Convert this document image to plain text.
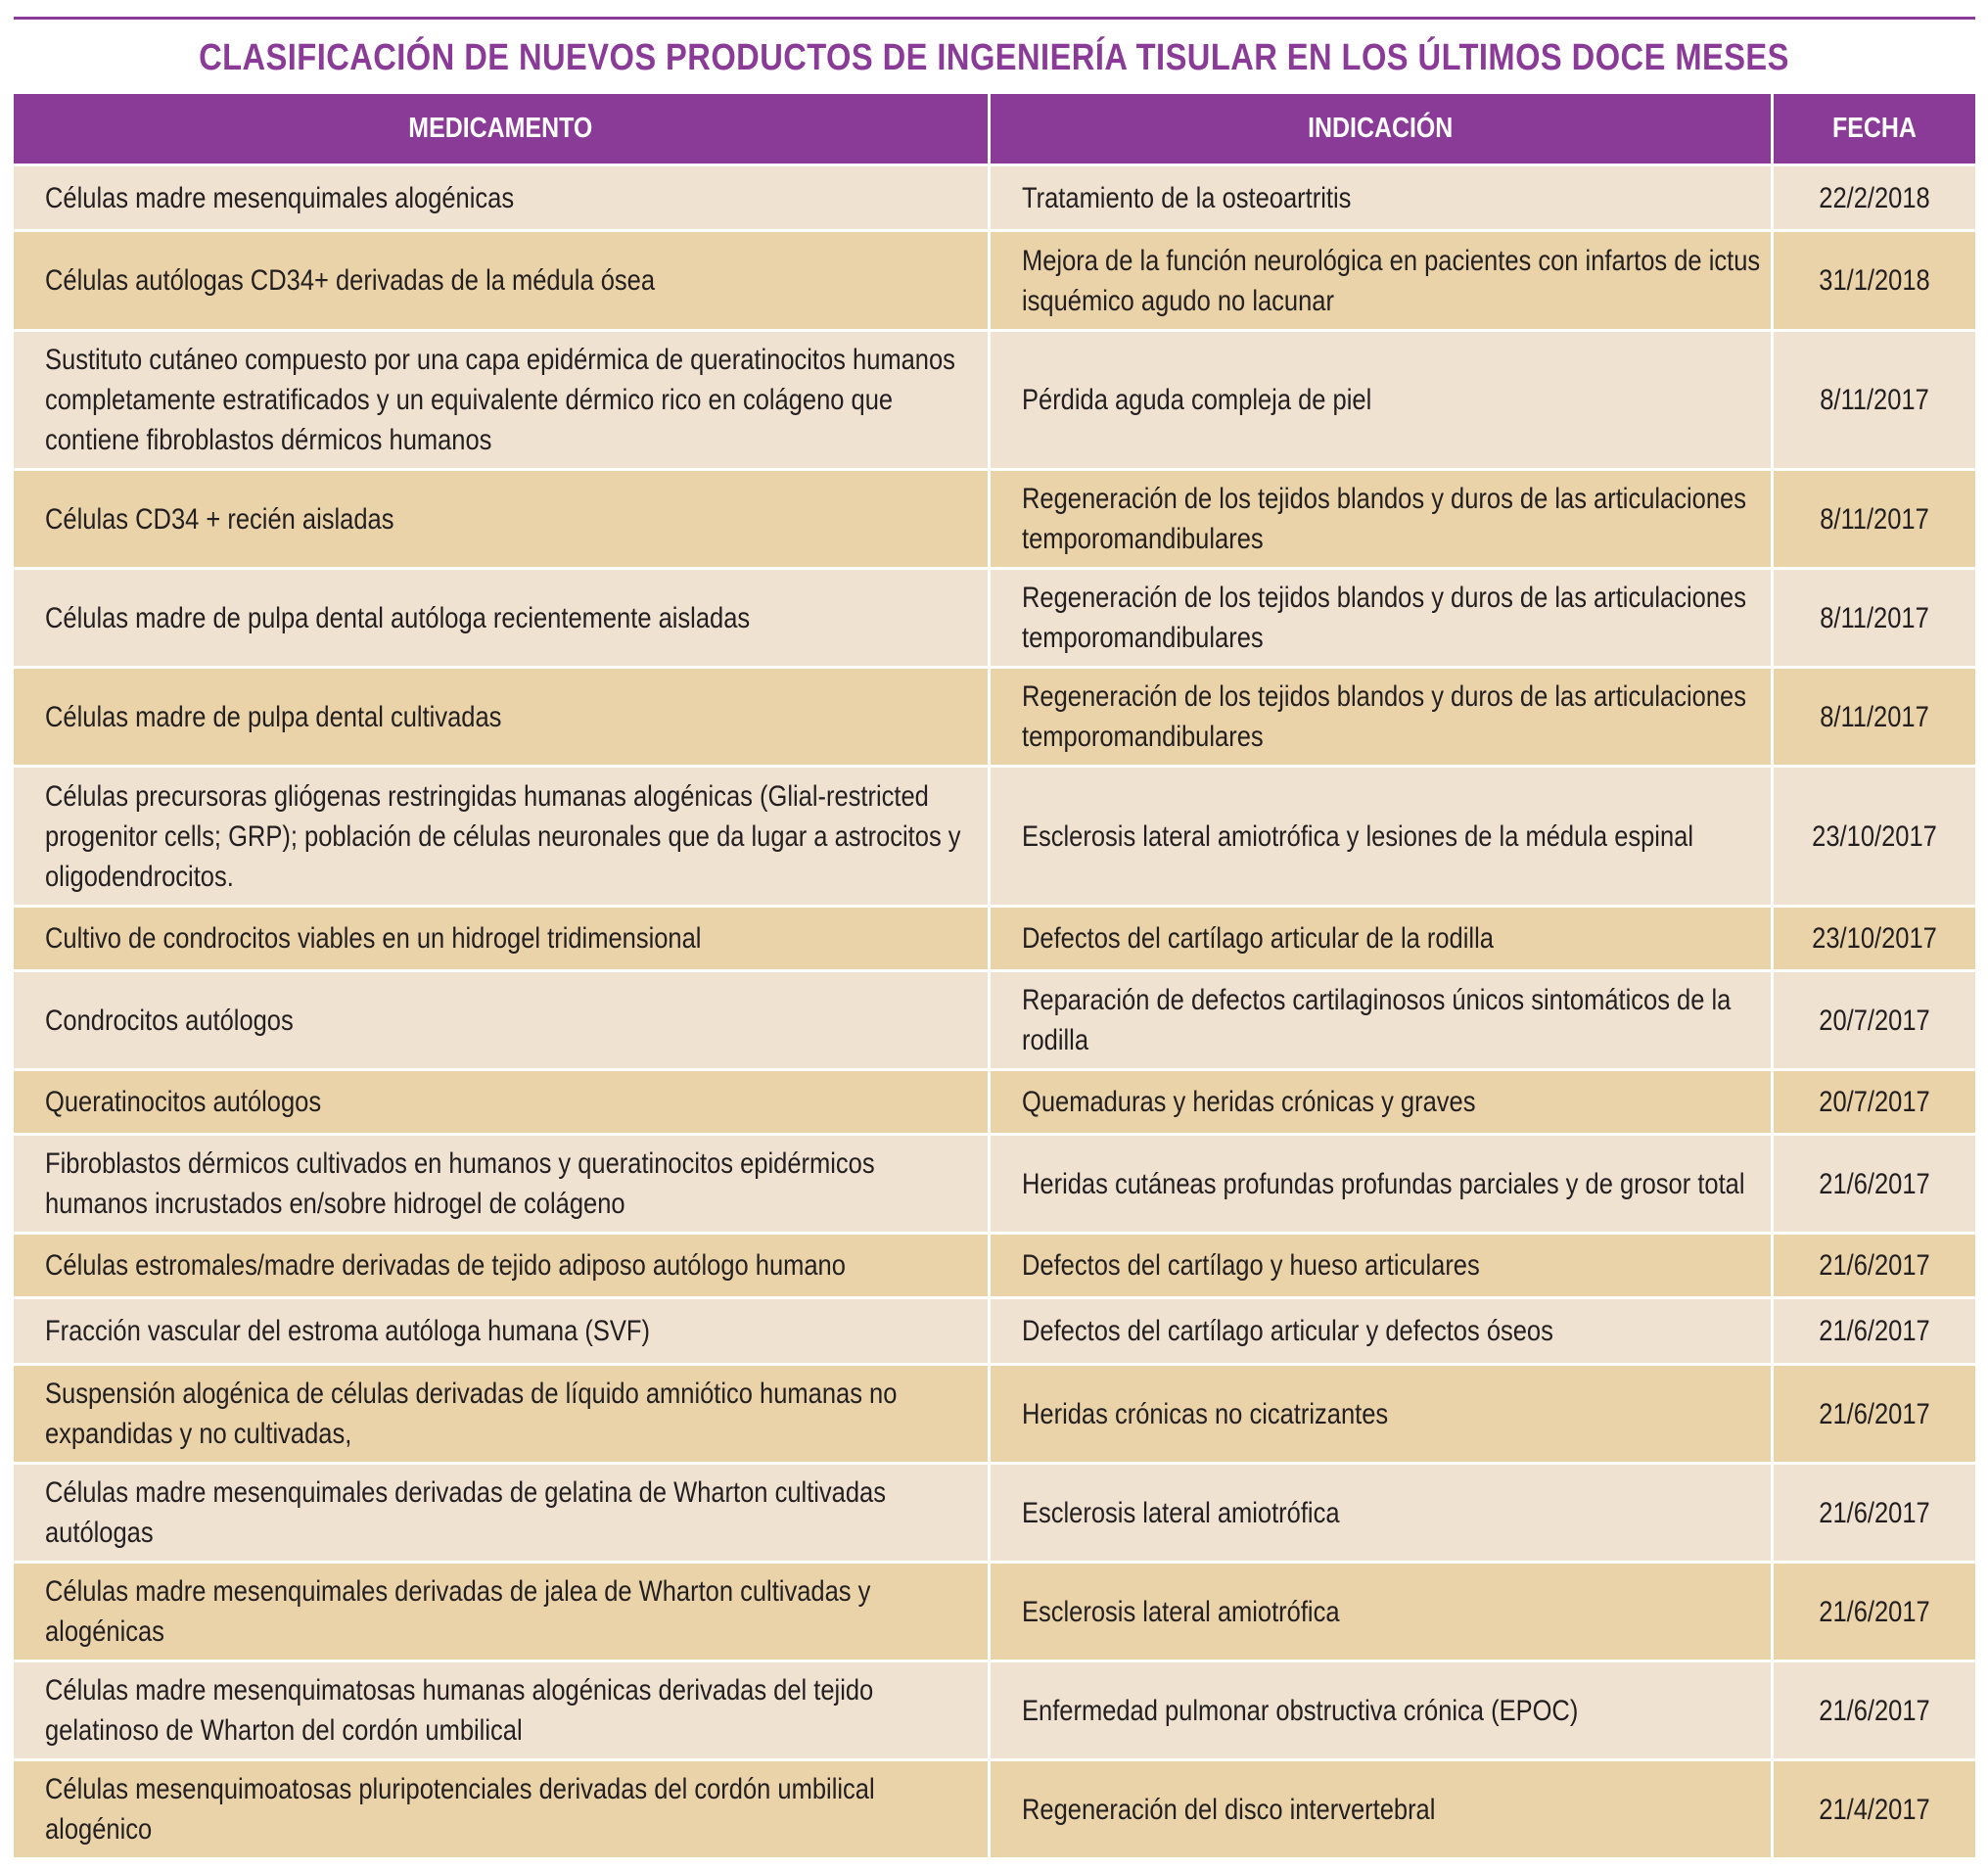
CLASIFICACIÓN DE NUEVOS PRODUCTOS DE INGENIERÍA TISULAR EN LOS ÚLTIMOS DOCE MESES
MEDICAMENTO	INDICACIÓN	FECHA

Células madre mesenquimales alogénicas	Tratamiento de la osteoartritis	22/2/2018

Células autólogas CD34+ derivadas de la médula ósea	Mejora de la función neurológica en pacientes con infartos de ictus isquémico agudo no lacunar	31/1/2018

Sustituto cutáneo compuesto por una capa epidérmica de queratinocitos humanos completamente estratificados y un equivalente dérmico rico en colágeno que contiene fibroblastos dérmicos humanos	Pérdida aguda compleja de piel	8/11/2017

Células CD34 + recién aisladas	Regeneración de los tejidos blandos y duros de las articulaciones temporomandibulares	8/11/2017

Células madre de pulpa dental autóloga recientemente aisladas	Regeneración de los tejidos blandos y duros de las articulaciones temporomandibulares	8/11/2017

Células madre de pulpa dental cultivadas	Regeneración de los tejidos blandos y duros de las articulaciones temporomandibulares	8/11/2017

Células precursoras gliógenas restringidas humanas alogénicas (Glial-restricted progenitor cells; GRP); población de células neuronales que da lugar a astrocitos y oligodendrocitos.	Esclerosis lateral amiotrófica y lesiones de la médula espinal	23/10/2017

Cultivo de condrocitos viables en un hidrogel tridimensional	Defectos del cartílago articular de la rodilla	23/10/2017

Condrocitos autólogos	Reparación de defectos cartilaginosos únicos sintomáticos de la rodilla	20/7/2017

Queratinocitos autólogos	Quemaduras y heridas crónicas y graves	20/7/2017

Fibroblastos dérmicos cultivados en humanos y queratinocitos epidérmicos humanos incrustados en/sobre hidrogel de colágeno	Heridas cutáneas profundas profundas parciales y de grosor total	21/6/2017

Células estromales/madre derivadas de tejido adiposo autólogo humano	Defectos del cartílago y hueso articulares	21/6/2017

Fracción vascular del estroma autóloga humana (SVF)	Defectos del cartílago articular y defectos óseos	21/6/2017

Suspensión alogénica de células derivadas de líquido amniótico humanas no expandidas y no cultivadas,	Heridas crónicas no cicatrizantes	21/6/2017

Células madre mesenquimales derivadas de gelatina de Wharton cultivadas autólogas	Esclerosis lateral amiotrófica	21/6/2017

Células madre mesenquimales derivadas de jalea de Wharton cultivadas y alogénicas	Esclerosis lateral amiotrófica	21/6/2017

Células madre mesenquimatosas humanas alogénicas derivadas del tejido gelatinoso de Wharton del cordón umbilical	Enfermedad pulmonar obstructiva crónica (EPOC)	21/6/2017

Células mesenquimoatosas pluripotenciales derivadas del cordón umbilical alogénico	Regeneración del disco intervertebral	21/4/2017
